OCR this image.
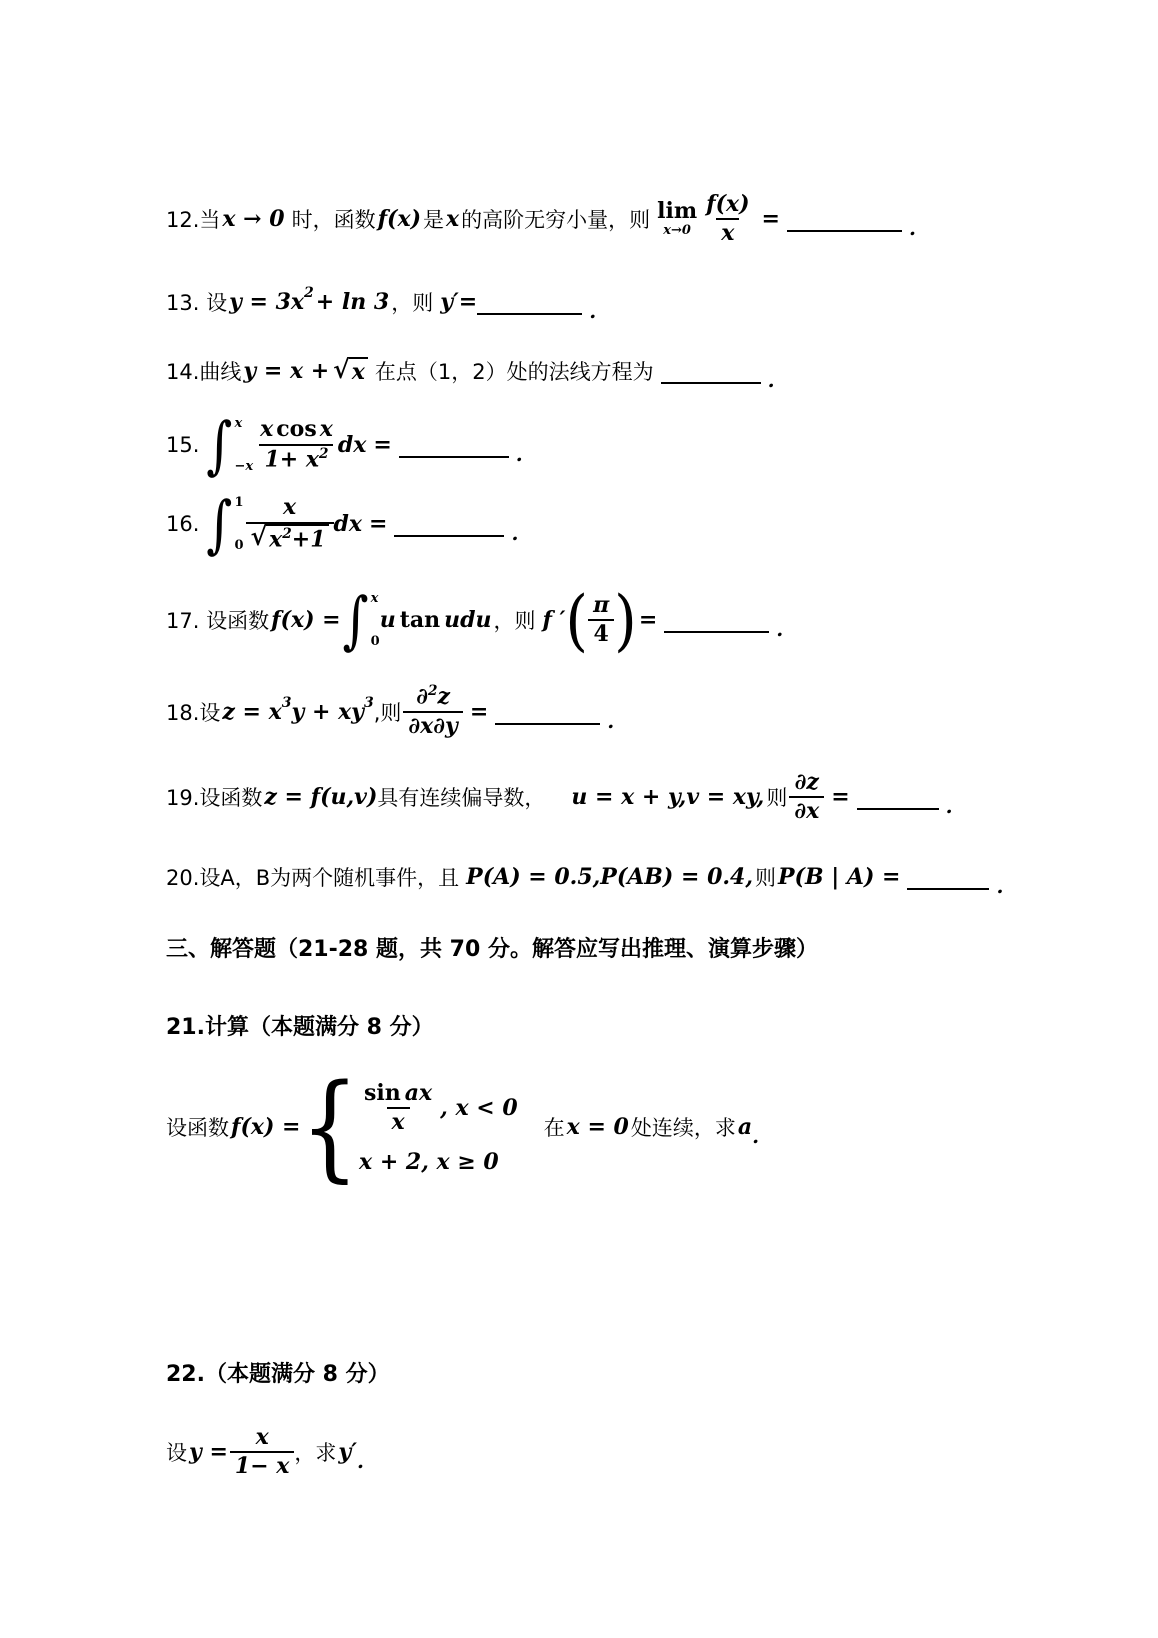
12.当 x → 0 时，函数 f(x) 是 x 的高阶无穷小量，则 lim
$x\to 0 \frac{f(x)}{x}$ =	.
13. 设 y = 3x 2 + ln 3 ，则 y′=	.
14.曲线 y = x + √ x 在点（1，2）处的法线方程为	.
15. ∫ x
$-x \frac{\text{x cos x}}{1+ x^2}$ dx =	.
16. ∫ 1
$0 \frac{x}{√ x^2+1}$ dx =	.
17. 设函数 f(x) = ∫ x
0
u tan udu ，则 f ′ ( $\frac{\pi}{4}$ ) =	.
18.设 z = x 3 y + xy 3 ,则 $\frac{\partial^2z}{\partial x\partial y}$ =	.
19.设函数 z = f(u,v) 具有连续偏导数， u = x + y,v = xy, 则 $\frac{\partial z}{\partial x}$ =	.
20.设A，B为两个随机事件，且 P(A) = 0.5,P(AB) = 0.4, 则 P(B | A) =	.
三、解答题（21-28 题，共 70 分。解答应写出推理、演算步骤）
21.计算（本题满分 8 分）
设函数 f(x) = { $\frac{\text{sin ax}}{x}$ , x < 0
x + 2, x ≥ 0
在 x = 0 处连续，求 a .
22.（本题满分 8 分）
设 $y = \frac{x}{1- x}$ ，求 y′ .
